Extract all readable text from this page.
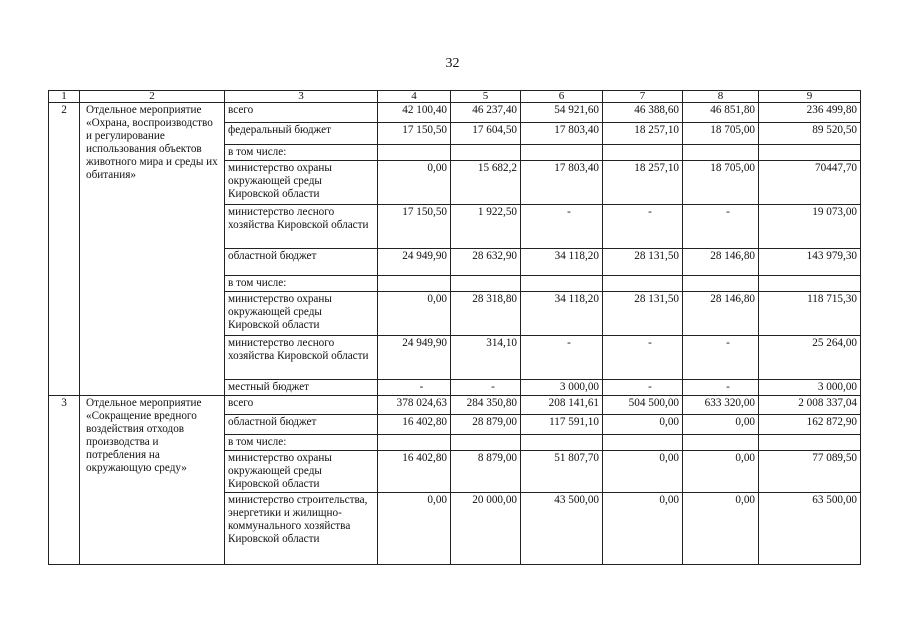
32
1	2	3	4	5	6	7	8	9
2	Отдельное мероприятие «Охрана, воспроизводство и регулирование использования объектов животного мира и среды их обитания»	всего	42 100,40	46 237,40	54 921,60	46 388,60	46 851,80	236 499,80
		федеральный бюджет	17 150,50	17 604,50	17 803,40	18 257,10	18 705,00	89 520,50
		в том числе:						
		министерство охраны окружающей среды Кировской области	0,00	15 682,2	17 803,40	18 257,10	18 705,00	70447,70
		министерство лесного хозяйства Кировской области	17 150,50	1 922,50	-	-	-	19 073,00
		областной бюджет	24 949,90	28 632,90	34 118,20	28 131,50	28 146,80	143 979,30
		в том числе:						
		министерство охраны окружающей среды Кировской области	0,00	28 318,80	34 118,20	28 131,50	28 146,80	118 715,30
		министерство лесного хозяйства Кировской области	24 949,90	314,10	-	-	-	25 264,00
		местный бюджет	-	-	3 000,00	-	-	3 000,00
3	Отдельное мероприятие «Сокращение вредного воздействия отходов производства и потребления на окружающую среду»	всего	378 024,63	284 350,80	208 141,61	504 500,00	633 320,00	2 008 337,04
		областной бюджет	16 402,80	28 879,00	117 591,10	0,00	0,00	162 872,90
		в том числе:						
		министерство охраны окружающей среды Кировской области	16 402,80	8 879,00	51 807,70	0,00	0,00	77 089,50
		министерство строительства, энергетики и жилищно-коммунального хозяйства Кировской области	0,00	20 000,00	43 500,00	0,00	0,00	63 500,00
